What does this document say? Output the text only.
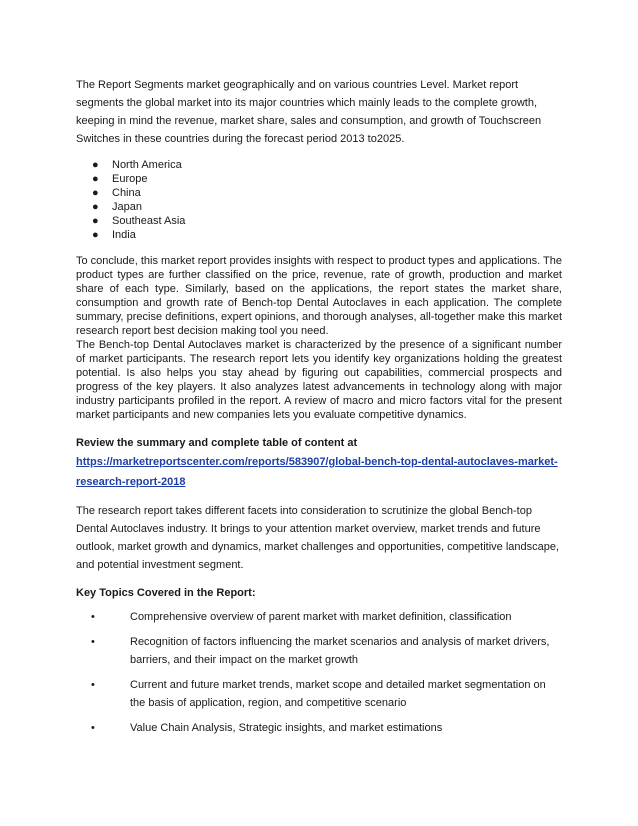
The Report Segments market geographically and on various countries Level. Market report segments the global market into its major countries which mainly leads to the complete growth, keeping in mind the revenue, market share, sales and consumption, and growth of Touchscreen Switches in these countries during the forecast period 2013 to2025.

● North America
● Europe
● China
● Japan
● Southeast Asia
● India

To conclude, this market report provides insights with respect to product types and applications. The product types are further classified on the price, revenue, rate of growth, production and market share of each type. Similarly, based on the applications, the report states the market share, consumption and growth rate of Bench-top Dental Autoclaves in each application. The complete summary, precise definitions, expert opinions, and thorough analyses, all-together make this market research report best decision making tool you need.

The Bench-top Dental Autoclaves market is characterized by the presence of a significant number of market participants. The research report lets you identify key organizations holding the greatest potential. Is also helps you stay ahead by figuring out capabilities, commercial prospects and progress of the key players. It also analyzes latest advancements in technology along with major industry participants profiled in the report. A review of macro and micro factors vital for the present market participants and new companies lets you evaluate competitive dynamics.

Review the summary and complete table of content at
https://marketreportscenter.com/reports/583907/global-bench-top-dental-autoclaves-market-research-report-2018

The research report takes different facets into consideration to scrutinize the global Bench-top Dental Autoclaves industry. It brings to your attention market overview, market trends and future outlook, market growth and dynamics, market challenges and opportunities, competitive landscape, and potential investment segment.

Key Topics Covered in the Report:
•	Comprehensive overview of parent market with market definition, classification
•	Recognition of factors influencing the market scenarios and analysis of market drivers, barriers, and their impact on the market growth
•	Current and future market trends, market scope and detailed market segmentation on the basis of application, region, and competitive scenario
•	Value Chain Analysis, Strategic insights, and market estimations
